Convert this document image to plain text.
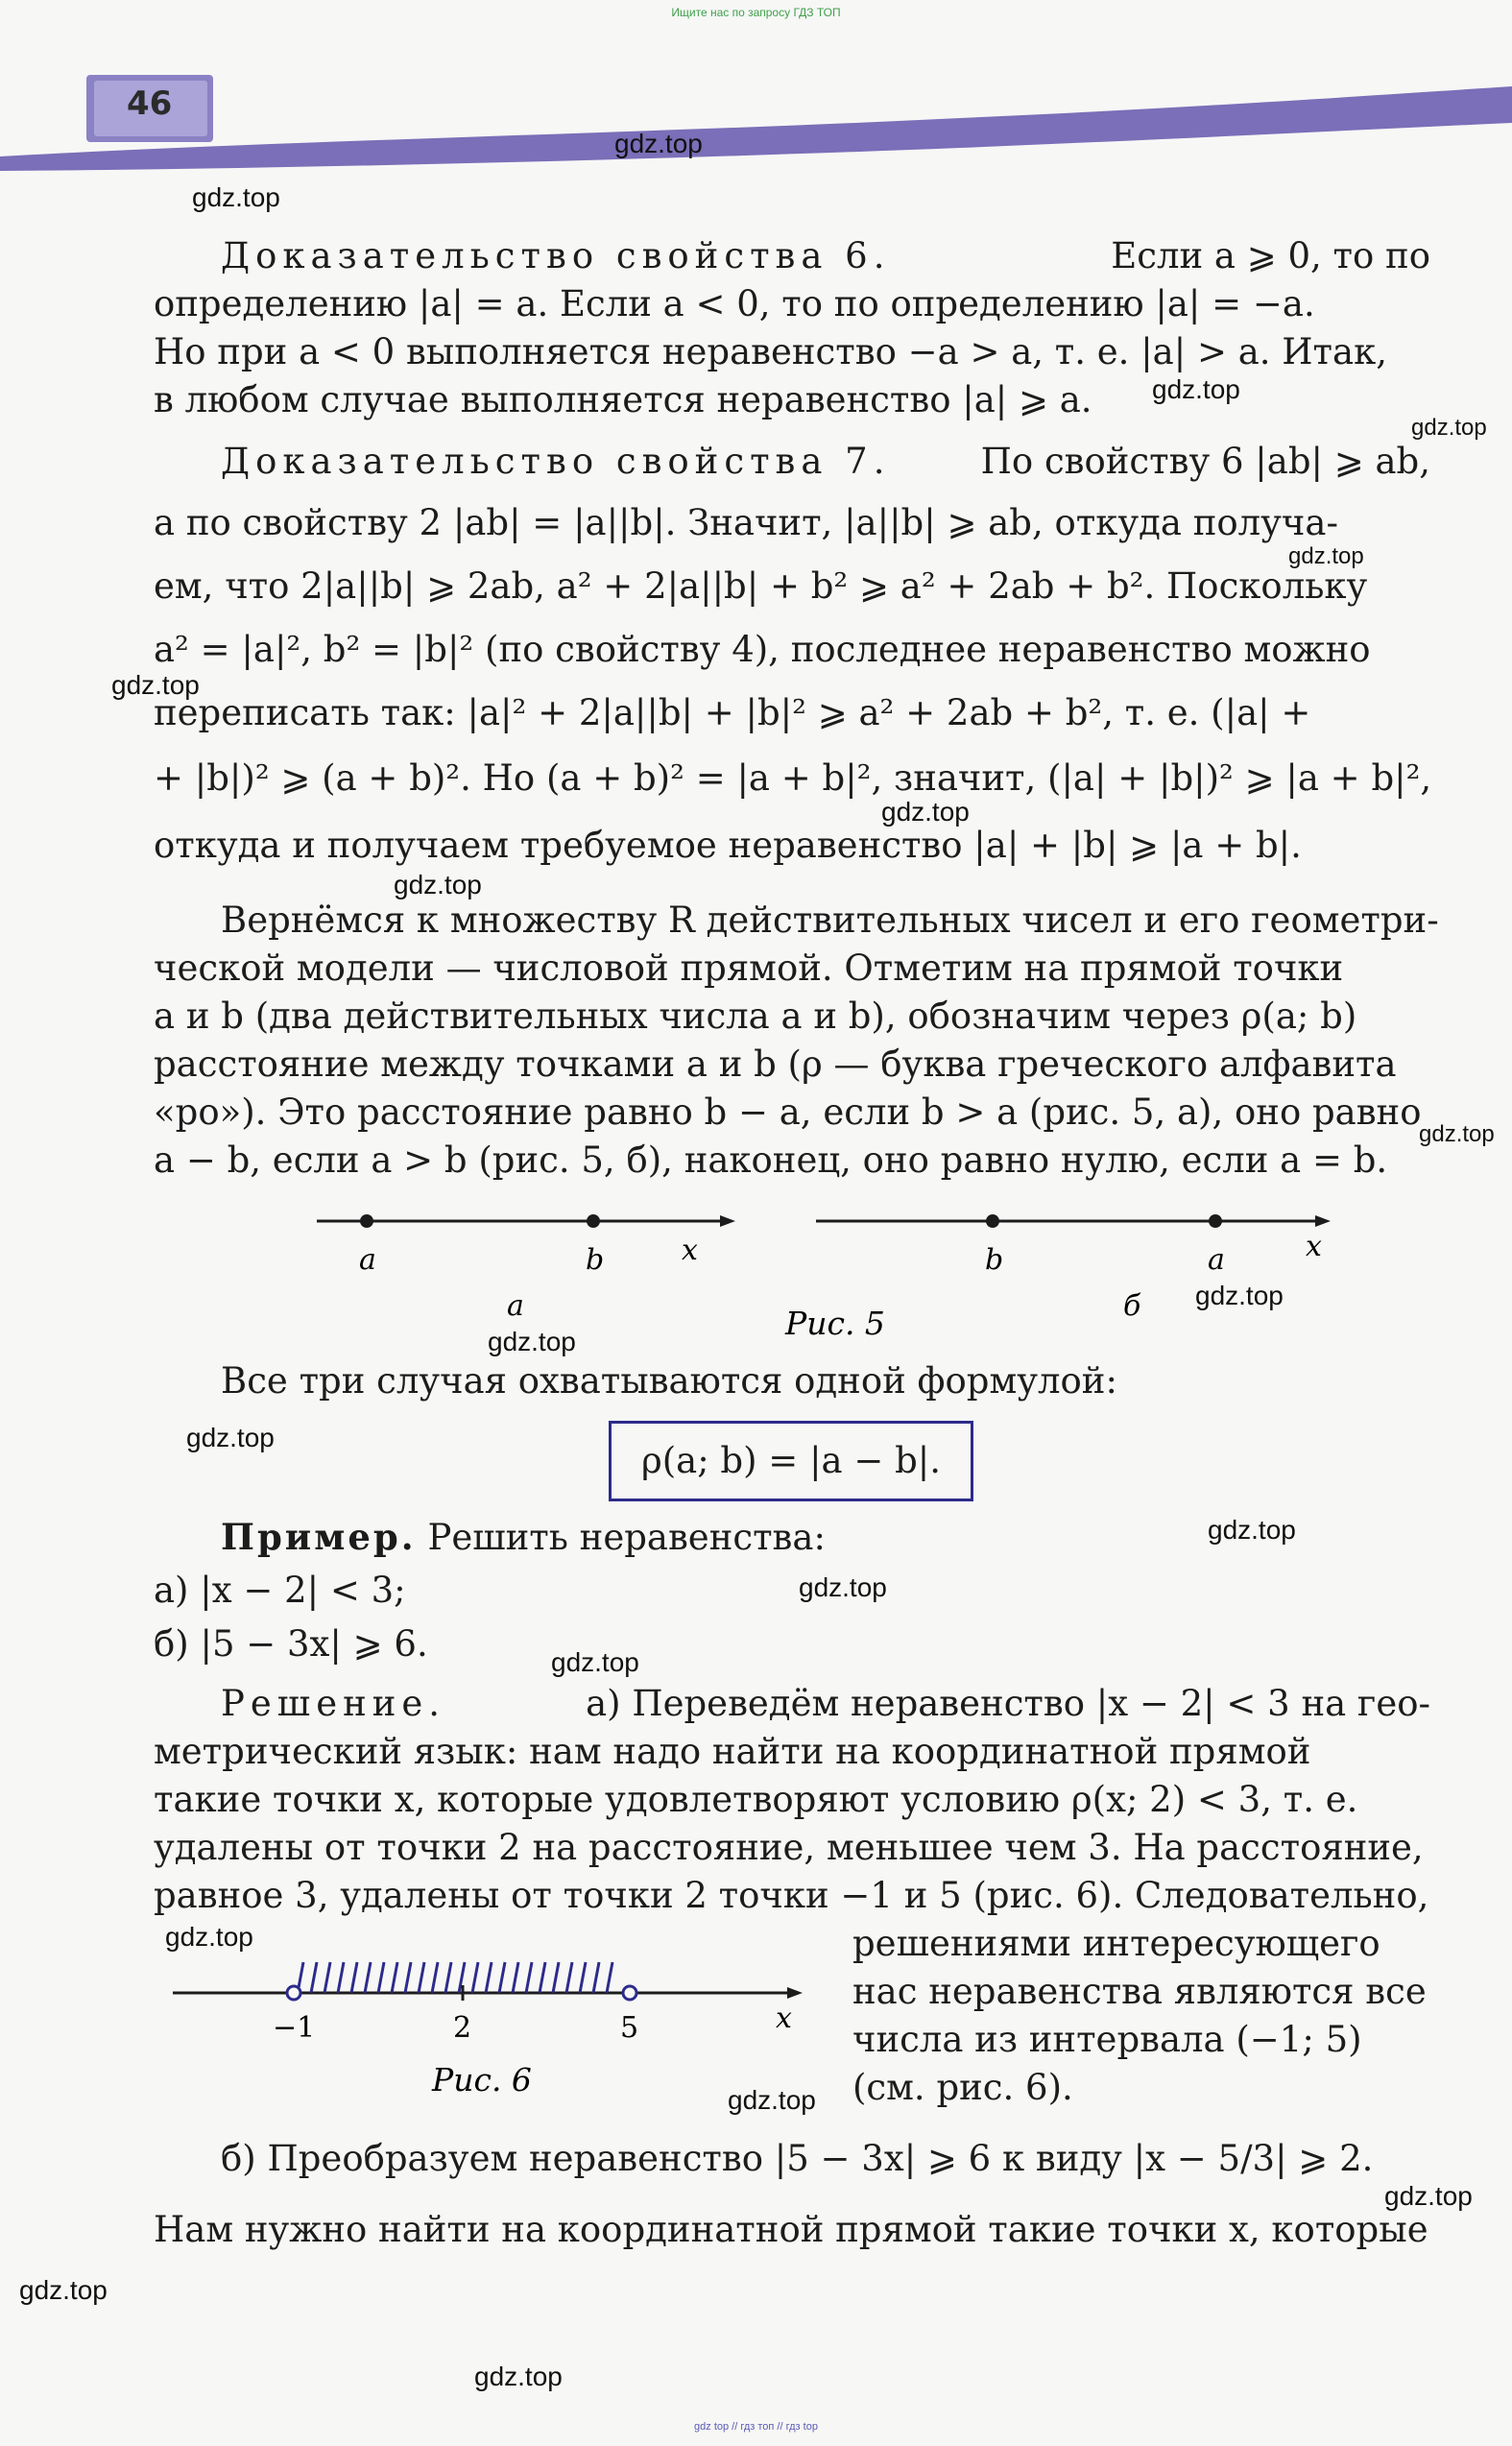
Ищите нас по запросу ГДЗ ТОП
46
gdz.top
gdz.top
gdz.top
gdz.top
gdz.top
gdz.top
gdz.top
gdz.top
gdz.top
gdz.top
gdz.top
gdz.top
gdz.top
gdz.top
gdz.top
gdz.top
gdz.top
gdz.top
gdz.top
gdz.top
Доказательство свойства 6.	Если a ⩾ 0, то по
определению |a| = a. Если a < 0, то по определению |a| = −a.
Но при a < 0 выполняется неравенство −a > a, т. е. |a| > a. Итак,
в любом случае выполняется неравенство |a| ⩾ a.
Доказательство свойства 7.	По свойству 6 |ab| ⩾ ab,
а по свойству 2 |ab| = |a||b|. Значит, |a||b| ⩾ ab, откуда получа-
ем, что 2|a||b| ⩾ 2ab, a² + 2|a||b| + b² ⩾ a² + 2ab + b². Поскольку
a² = |a|², b² = |b|² (по свойству 4), последнее неравенство можно
переписать так: |a|² + 2|a||b| + |b|² ⩾ a² + 2ab + b², т. е. (|a| +
+ |b|)² ⩾ (a + b)². Но (a + b)² = |a + b|², значит, (|a| + |b|)² ⩾ |a + b|²,
откуда и получаем требуемое неравенство |a| + |b| ⩾ |a + b|.
Вернёмся к множеству R действительных чисел и его геометри-
ческой модели — числовой прямой. Отметим на прямой точки
a и b (два действительных числа a и b), обозначим через ρ(a; b)
расстояние между точками a и b (ρ — буква греческого алфавита
«ро»). Это расстояние равно b − a, если b > a (рис. 5, а), оно равно
a − b, если a > b (рис. 5, б), наконец, оно равно нулю, если a = b.
a	b	x
а	Рис. 5
b	a	x
б
Все три случая охватываются одной формулой:
ρ(a; b) = |a − b|.
Пример. Решить неравенства:
а) |x − 2| < 3;
б) |5 − 3x| ⩾ 6.
Решение.	а) Переведём неравенство |x − 2| < 3 на гео-
метрический язык: нам надо найти на координатной прямой
такие точки x, которые удовлетворяют условию ρ(x; 2) < 3, т. е.
удалены от точки 2 на расстояние, меньшее чем 3. На расстояние,
равное 3, удалены от точки 2 точки −1 и 5 (рис. 6). Следовательно,
−1	2	5	x
Рис. 6
решениями интересующего
нас неравенства являются все
числа из интервала (−1; 5)
(см. рис. 6).
б) Преобразуем неравенство |5 − 3x| ⩾ 6 к виду |x − 5/3| ⩾ 2.
Нам нужно найти на координатной прямой такие точки x, которые
gdz top // гдз топ // гдз top
